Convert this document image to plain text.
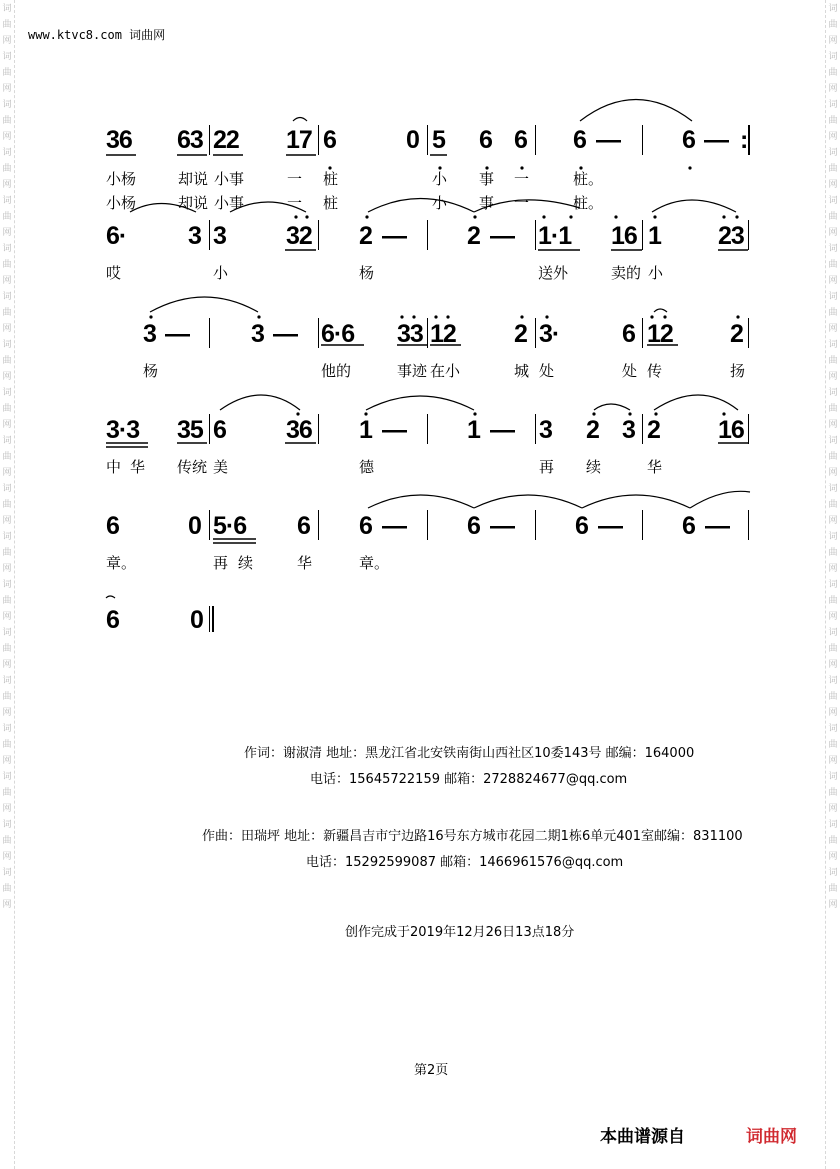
词
曲
网
词
曲
网
词
曲
网
词
曲
网
词
曲
网
词
曲
网
词
曲
网
词
曲
网
词
曲
网
词
曲
网
词
曲
网
词
曲
网
词
曲
网
词
曲
网
词
曲
网
词
曲
网
词
曲
网
词
曲
网
词
曲
网
词
曲
网
词
曲
网
词
曲
网
词
曲
网
词
曲
网
词
曲
网
词
曲
网
词
曲
网
词
曲
网
词
曲
网
词
曲
网
词
曲
网
词
曲
网
词
曲
网
词
曲
网
词
曲
网
词
曲
网
词
曲
网
词
曲
网
www.ktvc8.com 词曲网
36 63 22 17 6	0 5 6 6 6 — 6 — :
小杨	却说 小事	一 桩	小 事 一	桩。
小杨	却说 小事	一 桩	小 事 一	桩。
6· 3 3 32 2 — 2 — 1·1 16 1 23
哎	小	杨	送外	卖的 小
3 — 3 — 6·6 33 12 2 3·	6 12 2
杨	他的	事迹 在小	城 处	处 传	扬
3·3 35 6 36 1 — 1 — 3 2 3 2 16
中 华 传统 美	德	再 续	华
6	0 5·6 6 6 — 6 — 6 — 6 —
章。	再 续	华	章。
6	0
作词：谢淑清 地址：黑龙江省北安铁南街山西社区10委143号 邮编：164000
电话：15645722159 邮箱：2728824677@qq.com
作曲：田瑞坪 地址：新疆昌吉市宁边路16号东方城市花园二期1栋6单元401室邮编：831100
电话：15292599087 邮箱：1466961576@qq.com
创作完成于2019年12月26日13点18分
第2页
本曲谱源自	词曲网
